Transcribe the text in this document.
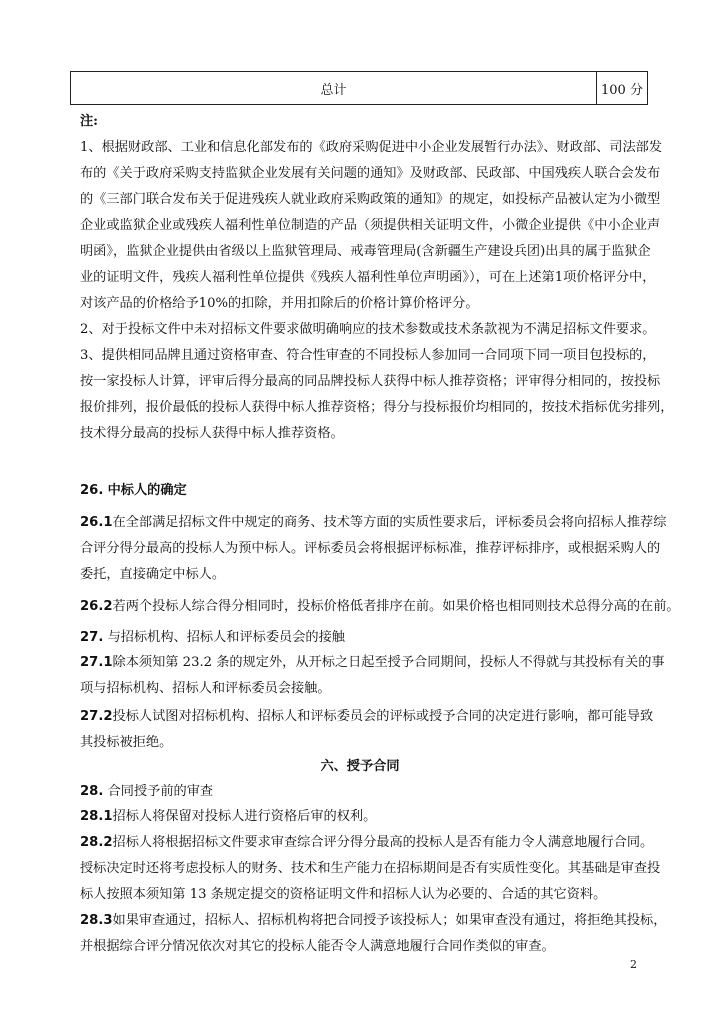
总计	100 分
注:
1、根据财政部、工业和信息化部发布的《政府采购促进中小企业发展暂行办法》、财政部、司法部发
布的《关于政府采购支持监狱企业发展有关问题的通知》及财政部、民政部、中国残疾人联合会发布
的《三部门联合发布关于促进残疾人就业政府采购政策的通知》的规定，如投标产品被认定为小微型
企业或监狱企业或残疾人福利性单位制造的产品（须提供相关证明文件，小微企业提供《中小企业声
明函》，监狱企业提供由省级以上监狱管理局、戒毒管理局(含新疆生产建设兵团)出具的属于监狱企
业的证明文件，残疾人福利性单位提供《残疾人福利性单位声明函》），可在上述第1项价格评分中，
对该产品的价格给予10%的扣除，并用扣除后的价格计算价格评分。
2、对于投标文件中未对招标文件要求做明确响应的技术参数或技术条款视为不满足招标文件要求。
3、提供相同品牌且通过资格审查、符合性审查的不同投标人参加同一合同项下同一项目包投标的，
按一家投标人计算，评审后得分最高的同品牌投标人获得中标人推荐资格；评审得分相同的，按投标
报价排列，报价最低的投标人获得中标人推荐资格；得分与投标报价均相同的，按技术指标优劣排列，
技术得分最高的投标人获得中标人推荐资格。
26. 中标人的确定
26.1在全部满足招标文件中规定的商务、技术等方面的实质性要求后，评标委员会将向招标人推荐综
合评分得分最高的投标人为预中标人。评标委员会将根据评标标准，推荐评标排序，或根据采购人的
委托，直接确定中标人。
26.2若两个投标人综合得分相同时，投标价格低者排序在前。如果价格也相同则技术总得分高的在前。
27. 与招标机构、招标人和评标委员会的接触
27.1除本须知第 23.2 条的规定外，从开标之日起至授予合同期间，投标人不得就与其投标有关的事
项与招标机构、招标人和评标委员会接触。
27.2投标人试图对招标机构、招标人和评标委员会的评标或授予合同的决定进行影响，都可能导致
其投标被拒绝。
六、授予合同
28. 合同授予前的审查
28.1招标人将保留对投标人进行资格后审的权利。
28.2招标人将根据招标文件要求审查综合评分得分最高的投标人是否有能力令人满意地履行合同。
授标决定时还将考虑投标人的财务、技术和生产能力在招标期间是否有实质性变化。其基础是审查投
标人按照本须知第 13 条规定提交的资格证明文件和招标人认为必要的、合适的其它资料。
28.3如果审查通过，招标人、招标机构将把合同授予该投标人；如果审查没有通过，将拒绝其投标，
并根据综合评分情况依次对其它的投标人能否令人满意地履行合同作类似的审查。
2
